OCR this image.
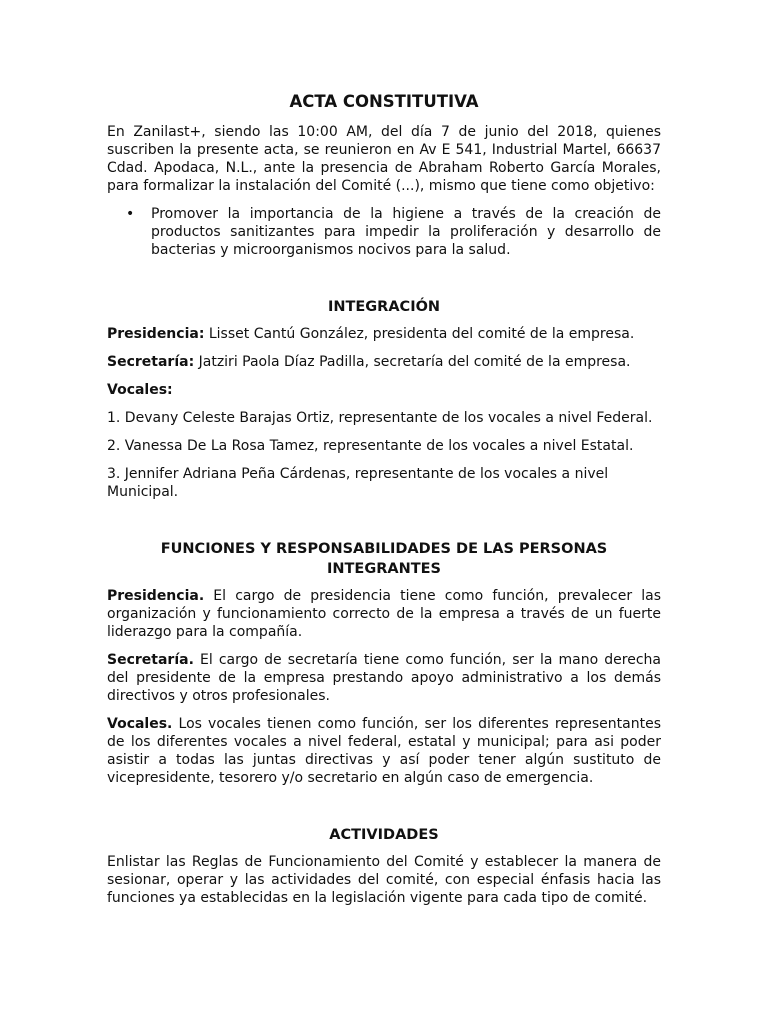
ACTA CONSTITUTIVA

En Zanilast+, siendo las 10:00 AM, del día 7 de junio del 2018, quienes suscriben la presente acta, se reunieron en Av E 541, Industrial Martel, 66637 Cdad. Apodaca, N.L., ante la presencia de Abraham Roberto García Morales, para formalizar la instalación del Comité (...), mismo que tiene como objetivo:

• Promover la importancia de la higiene a través de la creación de productos sanitizantes para impedir la proliferación y desarrollo de bacterias y microorganismos nocivos para la salud.
INTEGRACIÓN

Presidencia: Lisset Cantú González, presidenta del comité de la empresa.

Secretaría: Jatziri Paola Díaz Padilla, secretaría del comité de la empresa.

Vocales:

1. Devany Celeste Barajas Ortiz, representante de los vocales a nivel Federal.

2. Vanessa De La Rosa Tamez, representante de los vocales a nivel Estatal.

3. Jennifer Adriana Peña Cárdenas, representante de los vocales a nivel Municipal.

FUNCIONES Y RESPONSABILIDADES DE LAS PERSONAS INTEGRANTES

Presidencia. El cargo de presidencia tiene como función, prevalecer las organización y funcionamiento correcto de la empresa a través de un fuerte liderazgo para la compañía.

Secretaría. El cargo de secretaría tiene como función, ser la mano derecha del presidente de la empresa prestando apoyo administrativo a los demás directivos y otros profesionales.

Vocales. Los vocales tienen como función, ser los diferentes representantes de los diferentes vocales a nivel federal, estatal y municipal; para asi poder asistir a todas las juntas directivas y así poder tener algún sustituto de vicepresidente, tesorero y/o secretario en algún caso de emergencia.

ACTIVIDADES

Enlistar las Reglas de Funcionamiento del Comité y establecer la manera de sesionar, operar y las actividades del comité, con especial énfasis hacia las funciones ya establecidas en la legislación vigente para cada tipo de comité.
